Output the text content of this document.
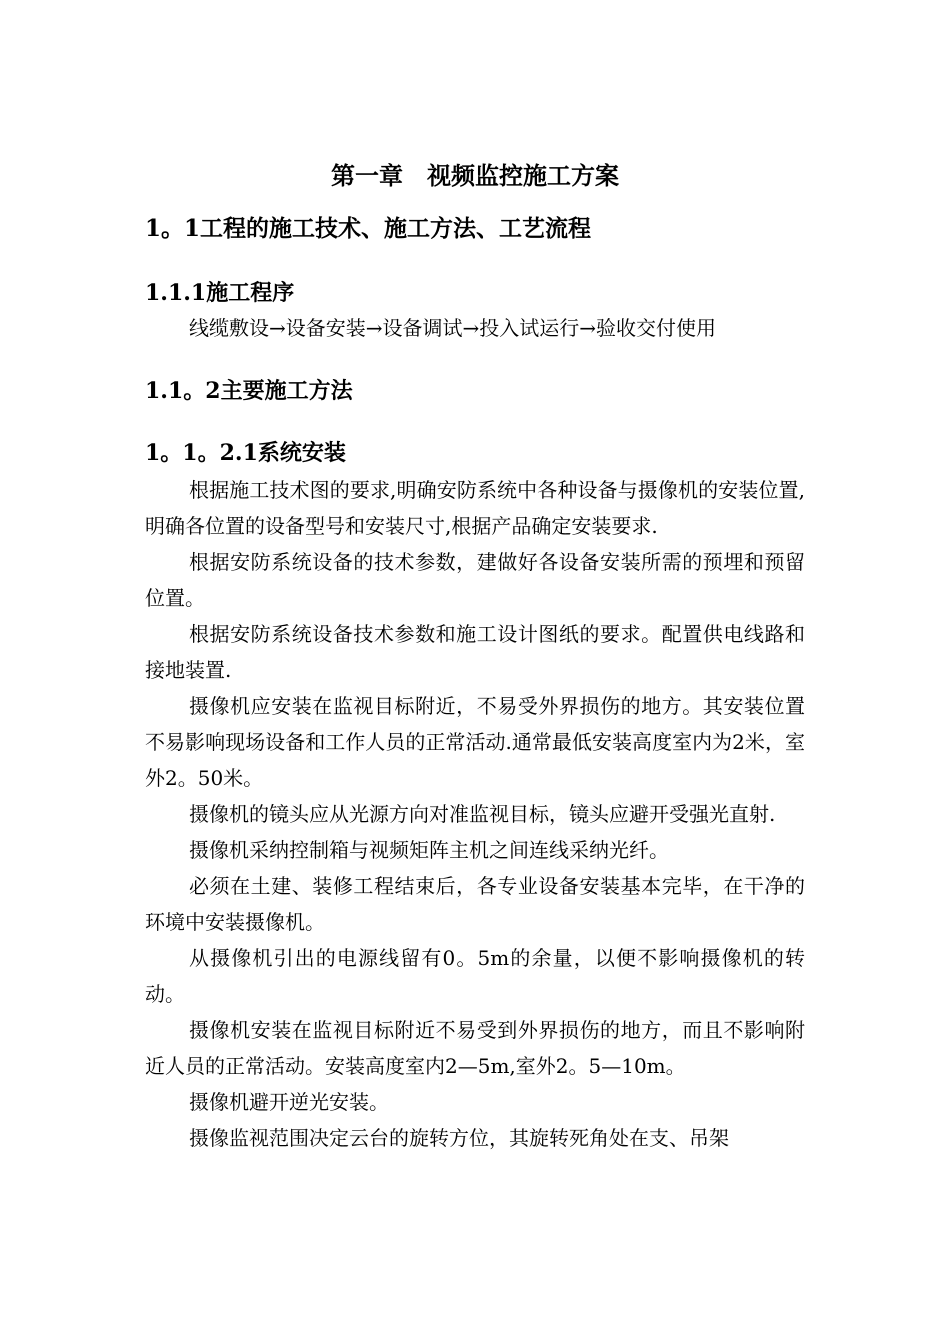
第一章　视频监控施工方案
1。1工程的施工技术、施工方法、工艺流程
1.1.1施工程序

线缆敷设→设备安装→设备调试→投入试运行→验收交付使用

1.1。2主要施工方法
1。1。2.1系统安装

根据施工技术图的要求,明确安防系统中各种设备与摄像机的安装位置,明确各位置的设备型号和安装尺寸,根据产品确定安装要求.

根据安防系统设备的技术参数，建做好各设备安装所需的预埋和预留位置。

根据安防系统设备技术参数和施工设计图纸的要求。配置供电线路和接地装置.

摄像机应安装在监视目标附近，不易受外界损伤的地方。其安装位置不易影响现场设备和工作人员的正常活动.通常最低安装高度室内为2米，室外2。50米。

摄像机的镜头应从光源方向对准监视目标，镜头应避开受强光直射.

摄像机采纳控制箱与视频矩阵主机之间连线采纳光纤。

必须在土建、装修工程结束后，各专业设备安装基本完毕，在干净的环境中安装摄像机。

从摄像机引出的电源线留有0。5m的余量，以便不影响摄像机的转动。

摄像机安装在监视目标附近不易受到外界损伤的地方，而且不影响附近人员的正常活动。安装高度室内2—5m,室外2。5—10m。

摄像机避开逆光安装。

摄像监视范围决定云台的旋转方位，其旋转死角处在支、吊架
